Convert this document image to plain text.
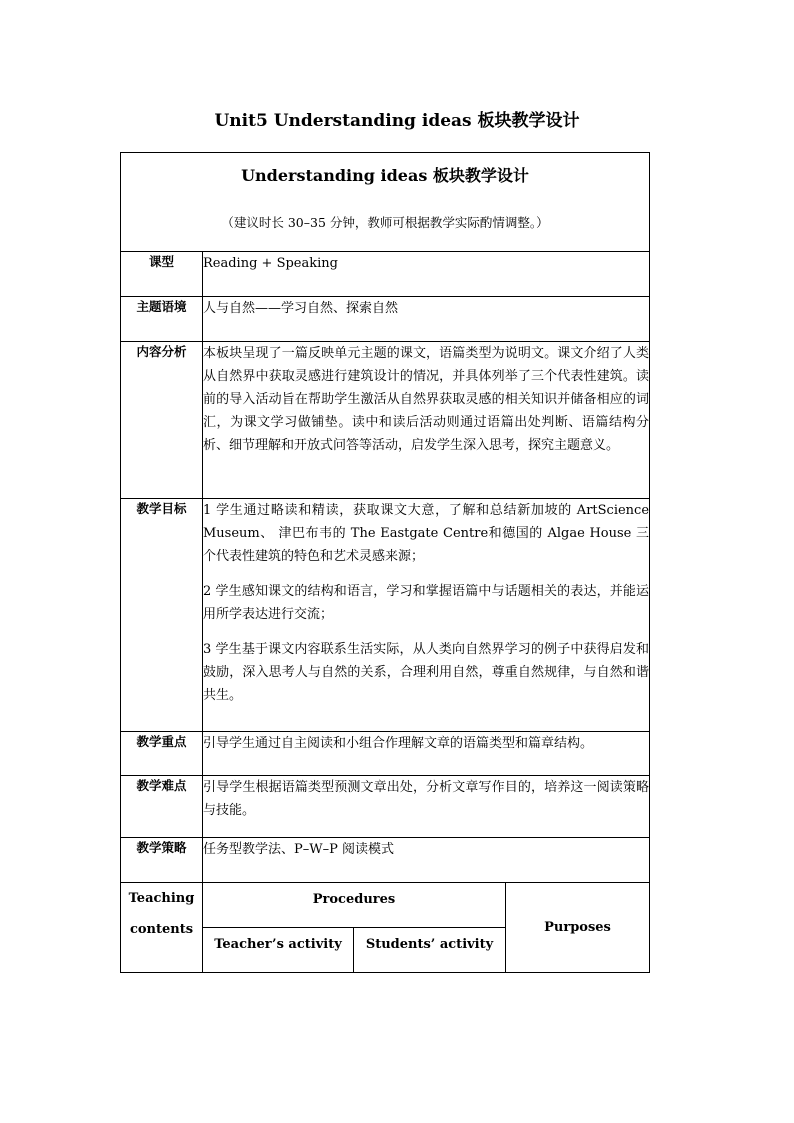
Unit5 Understanding ideas 板块教学设计
Understanding ideas 板块教学设计
（建议时长 30–35 分钟，教师可根据教学实际酌情调整。）			

课型	Reading + Speaking		
主题语境	人与自然——学习自然、探索自然		
内容分析	本板块呈现了一篇反映单元主题的课文，语篇类型为说明文。课文介绍了人类从自然界中获取灵感进行建筑设计的情况，并具体列举了三个代表性建筑。读前的导入活动旨在帮助学生激活从自然界获取灵感的相关知识并储备相应的词汇，为课文学习做铺垫。读中和读后活动则通过语篇出处判断、语篇结构分析、细节理解和开放式问答等活动，启发学生深入思考，探究主题意义。		
教学目标	1 学生通过略读和精读，获取课文大意，了解和总结新加坡的 ArtScience Museum、 津巴布韦的 The Eastgate Centre和德国的 Algae House 三个代表性建筑的特色和艺术灵感来源；

2 学生感知课文的结构和语言，学习和掌握语篇中与话题相关的表达，并能运用所学表达进行交流；

3 学生基于课文内容联系生活实际，从人类向自然界学习的例子中获得启发和鼓励，深入思考人与自然的关系，合理利用自然，尊重自然规律，与自然和谐共生。		

教学重点	引导学生通过自主阅读和小组合作理解文章的语篇类型和篇章结构。		
教学难点	引导学生根据语篇类型预测文章出处，分析文章写作目的，培养这一阅读策略与技能。		
教学策略	任务型教学法、P–W–P 阅读模式		
Teaching
contents	Procedures		Purposes
	Teacher’s activity	Students’ activity	
